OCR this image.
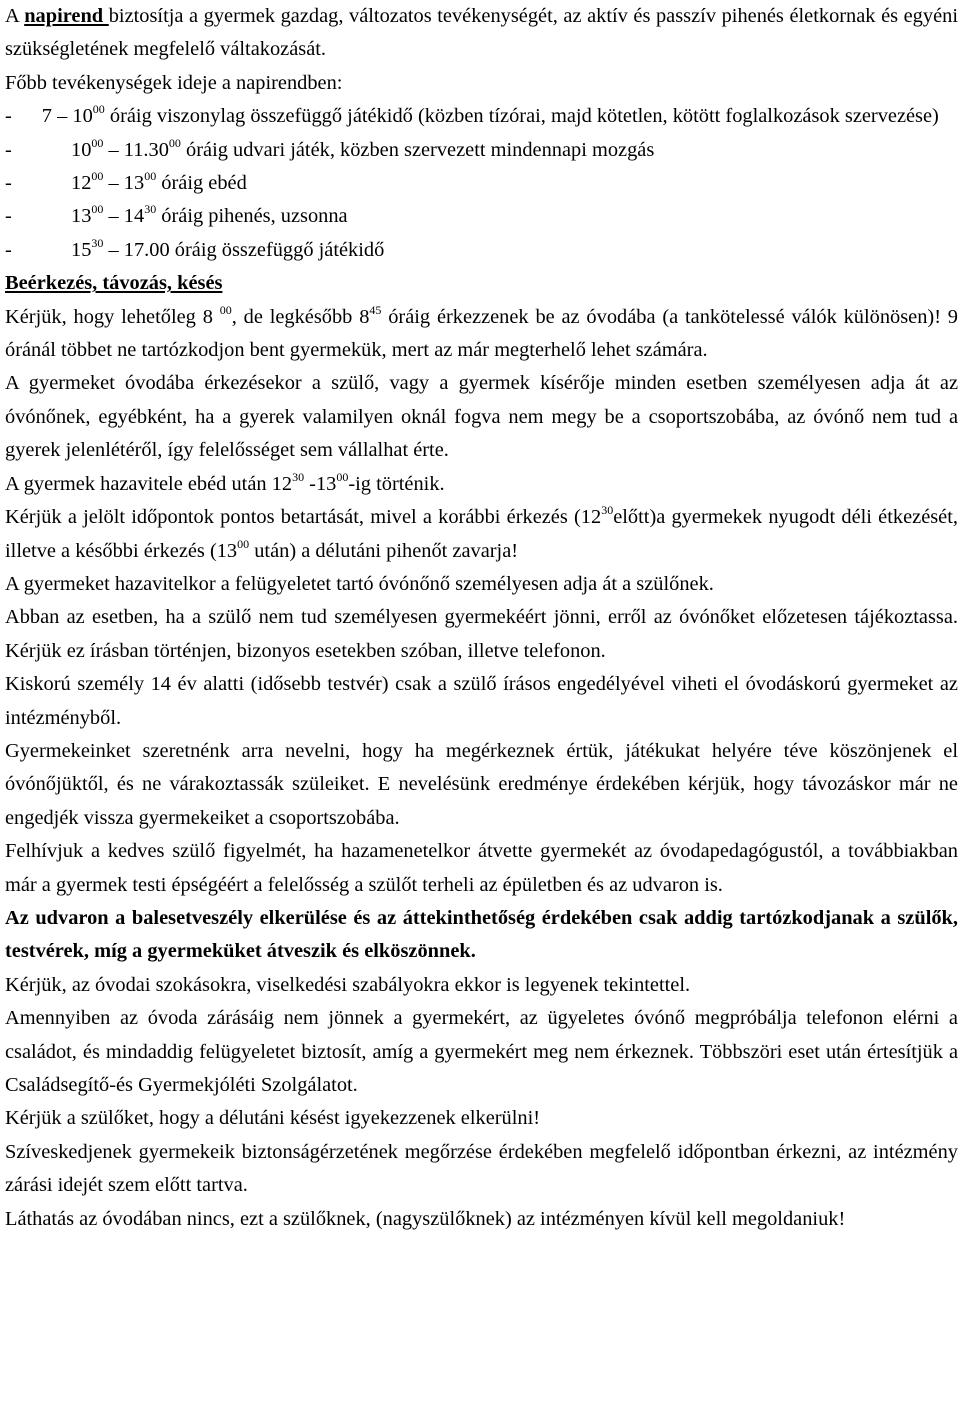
A napirend biztosítja a gyermek gazdag, változatos tevékenységét, az aktív és passzív pihenés életkornak és egyéni szükségletének megfelelő váltakozását.

Főbb tevékenységek ideje a napirendben:

- $7 - 10^{00}$ óráig viszonylag összefüggő játékidő (közben tízórai, majd kötetlen, kötött foglalkozások szervezése)

-	$10^{00} - 11.30^{00}$ óráig udvari játék, közben szervezett mindennapi mozgás

-	$12^{00} - 13^{00}$ óráig ebéd

-	$13^{00} - 14^{30}$ óráig pihenés, uzsonna

-	$15^{30} - 17.00$ óráig összefüggő játékidő

Beérkezés, távozás, késés

Kérjük, hogy lehetőleg 8 $^{00}$, de legkésőbb $8^{45}$ óráig érkezzenek be az óvodába (a tankötelessé válók különösen)! 9 óránál többet ne tartózkodjon bent gyermekük, mert az már megterhelő lehet számára.

A gyermeket óvodába érkezésekor a szülő, vagy a gyermek kísérője minden esetben személyesen adja át az óvónőnek, egyébként, ha a gyerek valamilyen oknál fogva nem megy be a csoportszobába, az óvónő nem tud a gyerek jelenlétéről, így felelősséget sem vállalhat érte.

A gyermek hazavitele ebéd után $12^{30}$ $-13^{00}-ig$ történik.

Kérjük a jelölt időpontok pontos betartását, mivel a korábbi érkezés $(12^{30}előtt)a$ gyermekek nyugodt déli étkezését, illetve a későbbi érkezés ($13^{00}$ után) a délutáni pihenőt zavarja!

A gyermeket hazavitelkor a felügyeletet tartó óvónőnő személyesen adja át a szülőnek.

Abban az esetben, ha a szülő nem tud személyesen gyermekéért jönni, erről az óvónőket előzetesen tájékoztassa. Kérjük ez írásban történjen, bizonyos esetekben szóban, illetve telefonon.

Kiskorú személy 14 év alatti (idősebb testvér) csak a szülő írásos engedélyével viheti el óvodáskorú gyermeket az intézményből.

Gyermekeinket szeretnénk arra nevelni, hogy ha megérkeznek értük, játékukat helyére téve köszönjenek el óvónőjüktől, és ne várakoztassák szüleiket. E nevelésünk eredménye érdekében kérjük, hogy távozáskor már ne engedjék vissza gyermekeiket a csoportszobába.

Felhívjuk a kedves szülő figyelmét, ha hazamenetelkor átvette gyermekét az óvodapedagógustól, a továbbiakban már a gyermek testi épségéért a felelősség a szülőt terheli az épületben és az udvaron is.

Az udvaron a balesetveszély elkerülése és az áttekinthetőség érdekében csak addig tartózkodjanak a szülők, testvérek, míg a gyermeküket átveszik és elköszönnek.

Kérjük, az óvodai szokásokra, viselkedési szabályokra ekkor is legyenek tekintettel.

Amennyiben az óvoda zárásáig nem jönnek a gyermekért, az ügyeletes óvónő megpróbálja telefonon elérni a családot, és mindaddig felügyeletet biztosít, amíg a gyermekért meg nem érkeznek. Többszöri eset után értesítjük a Családsegítő-és Gyermekjóléti Szolgálatot.

Kérjük a szülőket, hogy a délutáni késést igyekezzenek elkerülni!

Szíveskedjenek gyermekeik biztonságérzetének megőrzése érdekében megfelelő időpontban érkezni, az intézmény zárási idejét szem előtt tartva.

Láthatás az óvodában nincs, ezt a szülőknek, (nagyszülőknek) az intézményen kívül kell megoldaniuk!
